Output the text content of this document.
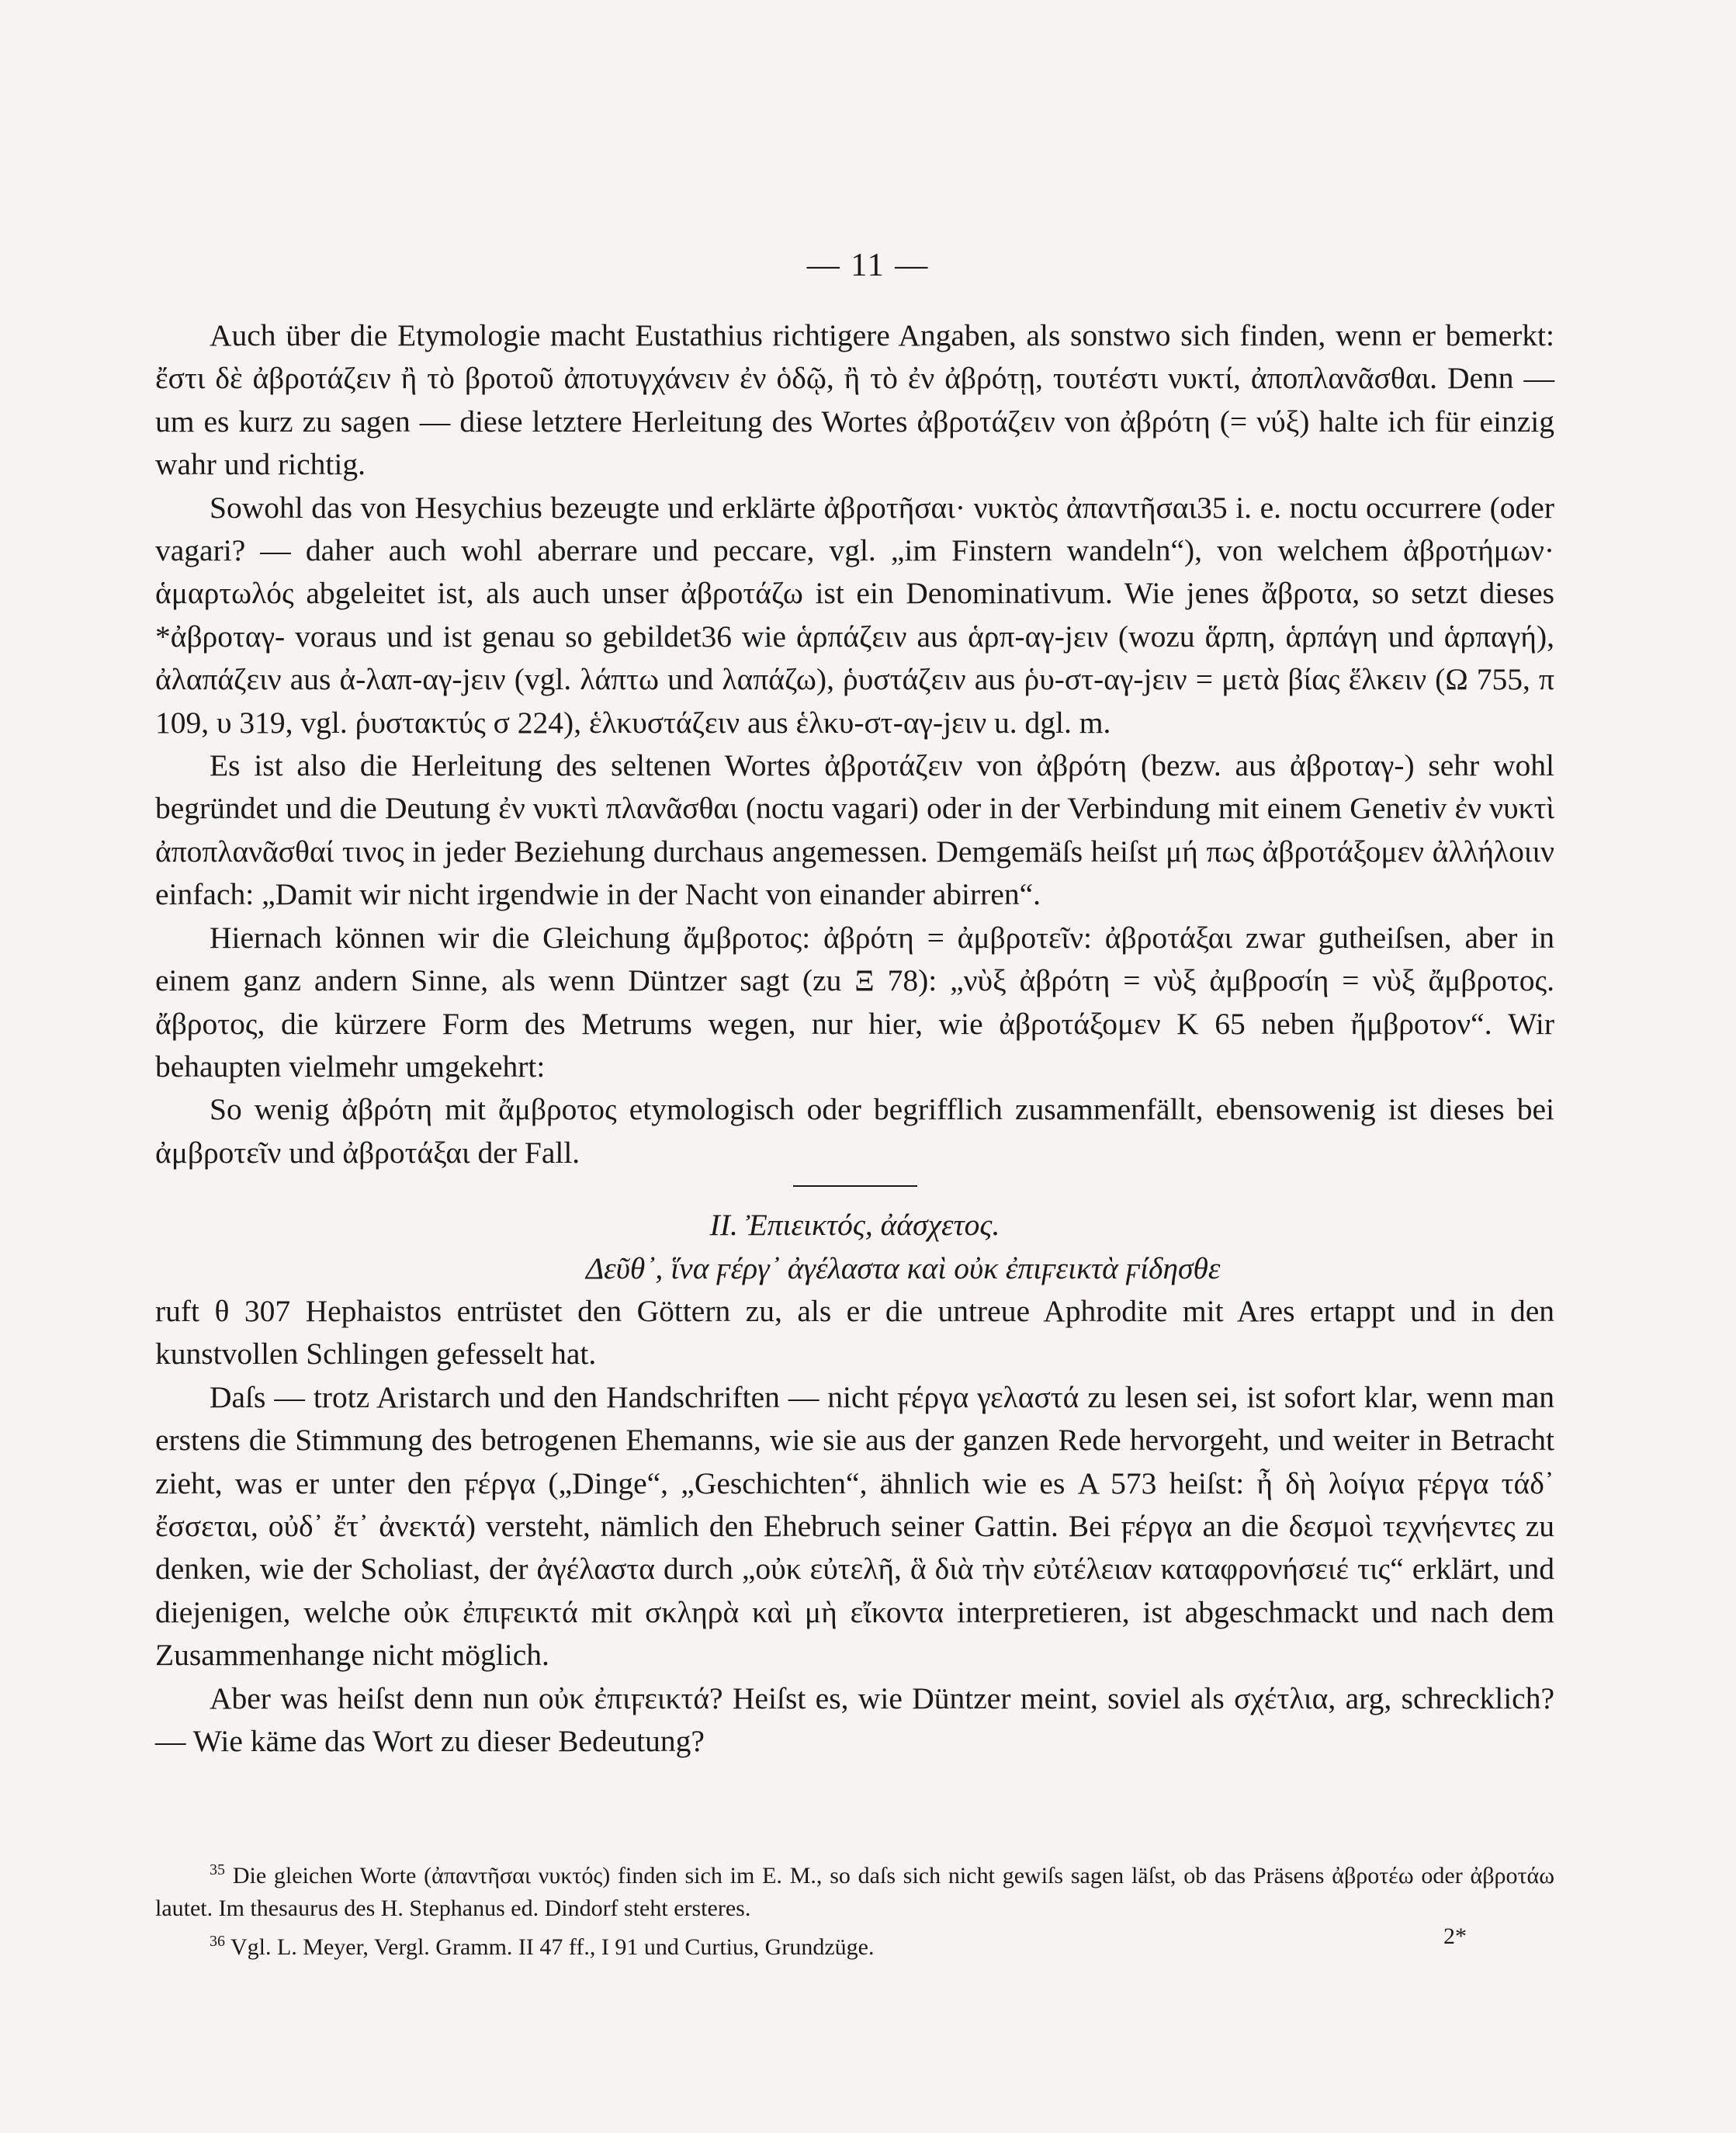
— 11 —

Auch über die Etymologie macht Eustathius richtigere Angaben, als sonstwo sich finden, wenn er bemerkt: ἔστι δὲ ἀβροτάζειν ἢ τὸ βροτοῦ ἀποτυγχάνειν ἐν ὁδῷ, ἢ τὸ ἐν ἀβρότῃ, τουτέστι νυκτί, ἀποπλανᾶσθαι. Denn — um es kurz zu sagen — diese letztere Herleitung des Wortes ἀβροτάζειν von ἀβρότη (= νύξ) halte ich für einzig wahr und richtig.

Sowohl das von Hesychius bezeugte und erklärte ἀβροτῆσαι· νυκτὸς ἀπαντῆσαι35 i. e. noctu occurrere (oder vagari? — daher auch wohl aberrare und peccare, vgl. „im Finstern wandeln“), von welchem ἀβροτήμων· ἁμαρτωλός abgeleitet ist, als auch unser ἀβροτάζω ist ein Denominativum. Wie jenes ἄβροτα, so setzt dieses *ἀβροταγ- voraus und ist genau so gebildet36 wie ἁρπάζειν aus ἁρπ-αγ-jειν (wozu ἅρπη, ἁρπάγη und ἁρπαγή), ἀλαπάζειν aus ἀ-λαπ-αγ-jειν (vgl. λάπτω und λαπάζω), ῥυστάζειν aus ῥυ-στ-αγ-jειν = μετὰ βίας ἕλκειν (Ω 755, π 109, υ 319, vgl. ῥυστακτύς σ 224), ἑλκυστάζειν aus ἑλκυ-στ-αγ-jειν u. dgl. m.

Es ist also die Herleitung des seltenen Wortes ἀβροτάζειν von ἀβρότη (bezw. aus ἀβροταγ-) sehr wohl begründet und die Deutung ἐν νυκτὶ πλανᾶσθαι (noctu vagari) oder in der Verbindung mit einem Genetiv ἐν νυκτὶ ἀποπλανᾶσθαί τινος in jeder Beziehung durchaus angemessen. Demgemäſs heiſst μή πως ἀβροτάξομεν ἀλλήλοιιν einfach: „Damit wir nicht irgendwie in der Nacht von einander abirren“.

Hiernach können wir die Gleichung ἄμβροτος: ἀβρότη = ἀμβροτεῖν: ἀβροτάξαι zwar gutheiſsen, aber in einem ganz andern Sinne, als wenn Düntzer sagt (zu Ξ 78): „νὺξ ἀβρότη = νὺξ ἀμβροσίη = νὺξ ἄμβροτος. ἄβροτος, die kürzere Form des Metrums wegen, nur hier, wie ἀβροτάξομεν K 65 neben ἤμβροτον“. Wir behaupten vielmehr umgekehrt:

So wenig ἀβρότη mit ἄμβροτος etymologisch oder begrifflich zusammenfällt, ebensowenig ist dieses bei ἀμβροτεῖν und ἀβροτάξαι der Fall.

II. Ἐπιεικτός, ἀάσχετος.

Δεῦθ᾽, ἵνα ϝέργ᾽ ἀγέλαστα καὶ οὐκ ἐπιϝεικτὰ ϝίδησθε

ruft θ 307 Hephaistos entrüstet den Göttern zu, als er die untreue Aphrodite mit Ares ertappt und in den kunstvollen Schlingen gefesselt hat.

Daſs — trotz Aristarch und den Handschriften — nicht ϝέργα γελαστά zu lesen sei, ist sofort klar, wenn man erstens die Stimmung des betrogenen Ehemanns, wie sie aus der ganzen Rede hervorgeht, und weiter in Betracht zieht, was er unter den ϝέργα („Dinge“, „Geschichten“, ähnlich wie es Α 573 heiſst: ἦ δὴ λοίγια ϝέργα τάδ᾽ ἔσσεται, οὐδ᾽ ἔτ᾽ ἀνεκτά) versteht, nämlich den Ehebruch seiner Gattin. Bei ϝέργα an die δεσμοὶ τεχνήεντες zu denken, wie der Scholiast, der ἀγέλαστα durch „οὐκ εὐτελῆ, ἃ διὰ τὴν εὐτέλειαν καταφρονήσειέ τις“ erklärt, und diejenigen, welche οὐκ ἐπιϝεικτά mit σκληρὰ καὶ μὴ εἴκοντα interpretieren, ist abgeschmackt und nach dem Zusammenhange nicht möglich.

Aber was heiſst denn nun οὐκ ἐπιϝεικτά? Heiſst es, wie Düntzer meint, soviel als σχέτλια, arg, schrecklich? — Wie käme das Wort zu dieser Bedeutung?

$^{35}$ Die gleichen Worte (ἀπαντῆσαι νυκτός) finden sich im E. M., so daſs sich nicht gewiſs sagen läſst, ob das Präsens ἀβροτέω oder ἀβροτάω lautet. Im thesaurus des H. Stephanus ed. Dindorf steht ersteres.

$^{36}$ Vgl. L. Meyer, Vergl. Gramm. II 47 ff., I 91 und Curtius, Grundzüge.	2*
